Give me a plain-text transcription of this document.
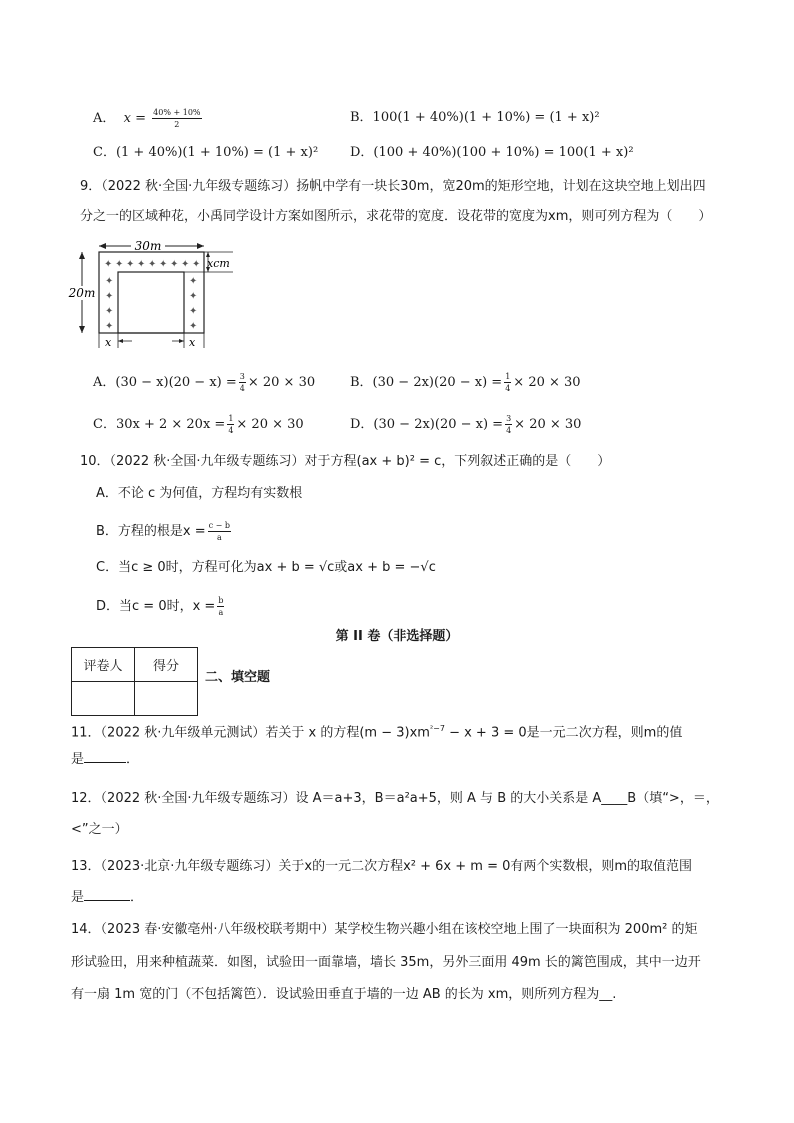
A． $x = \frac{40\% + 10\%}{2}$	B．100(1 + 40%)(1 + 10%) = (1 + x)²
C．(1 + 40%)(1 + 10%) = (1 + x)² D．(100 + 40%)(100 + 10%) = 100(1 + x)²
9．（2022 秋·全国·九年级专题练习）扬帆中学有一块长30m，宽20m的矩形空地，计划在这块空地上划出四
分之一的区域种花，小禹同学设计方案如图所示，求花带的宽度．设花带的宽度为xm，则可列方程为（　　）
30m
20m
✦ ✦ ✦ ✦ ✦ ✦ ✦ ✦ ✦
✦
✦
✦
✦
✦
✦
✦
✦
xcm
x	x
A．$(30 - x)(20 - x) = \frac{3}{4} \times 20 \times 30$	B．$(30 - 2x)(20 - x) = \frac{1}{4} \times 20 \times 30$
C．$30x + 2 \times 20x = \frac{1}{4} \times 20 \times 30$	D．$(30 - 2x)(20 - x) = \frac{3}{4} \times 20 \times 30$
10．（2022 秋·全国·九年级专题练习）对于方程(ax + b)² = c，下列叙述正确的是（　　）
A．不论 c 为何值，方程均有实数根
B．方程的根是$x = \frac{c - b}{a}$
C．当c ≥ 0时，方程可化为ax + b = √c或ax + b = −√c
D．当c = 0时，$x = \frac{b}{a}$
第 II 卷（非选择题）
评卷人	得分

二、填空题
11．（2022 秋·九年级单元测试）若关于 x 的方程$(m - 3)xm^{^2-7} - x + 3 = 0$是一元二次方程，则m的值
是	．
12．（2022 秋·全国·九年级专题练习）设 A＝a+3，B＝a²a+5，则 A 与 B 的大小关系是 A____B（填“>，＝，
<”之一）
13．（2023·北京·九年级专题练习）关于x的一元二次方程x² + 6x + m = 0有两个实数根，则m的取值范围
是	．
14．（2023 春·安徽亳州·八年级校联考期中）某学校生物兴趣小组在该校空地上围了一块面积为 200m² 的矩
形试验田，用来种植蔬菜．如图，试验田一面靠墙，墙长 35m，另外三面用 49m 长的篱笆围成，其中一边开
有一扇 1m 宽的门（不包括篱笆）．设试验田垂直于墙的一边 AB 的长为 xm，则所列方程为__.
